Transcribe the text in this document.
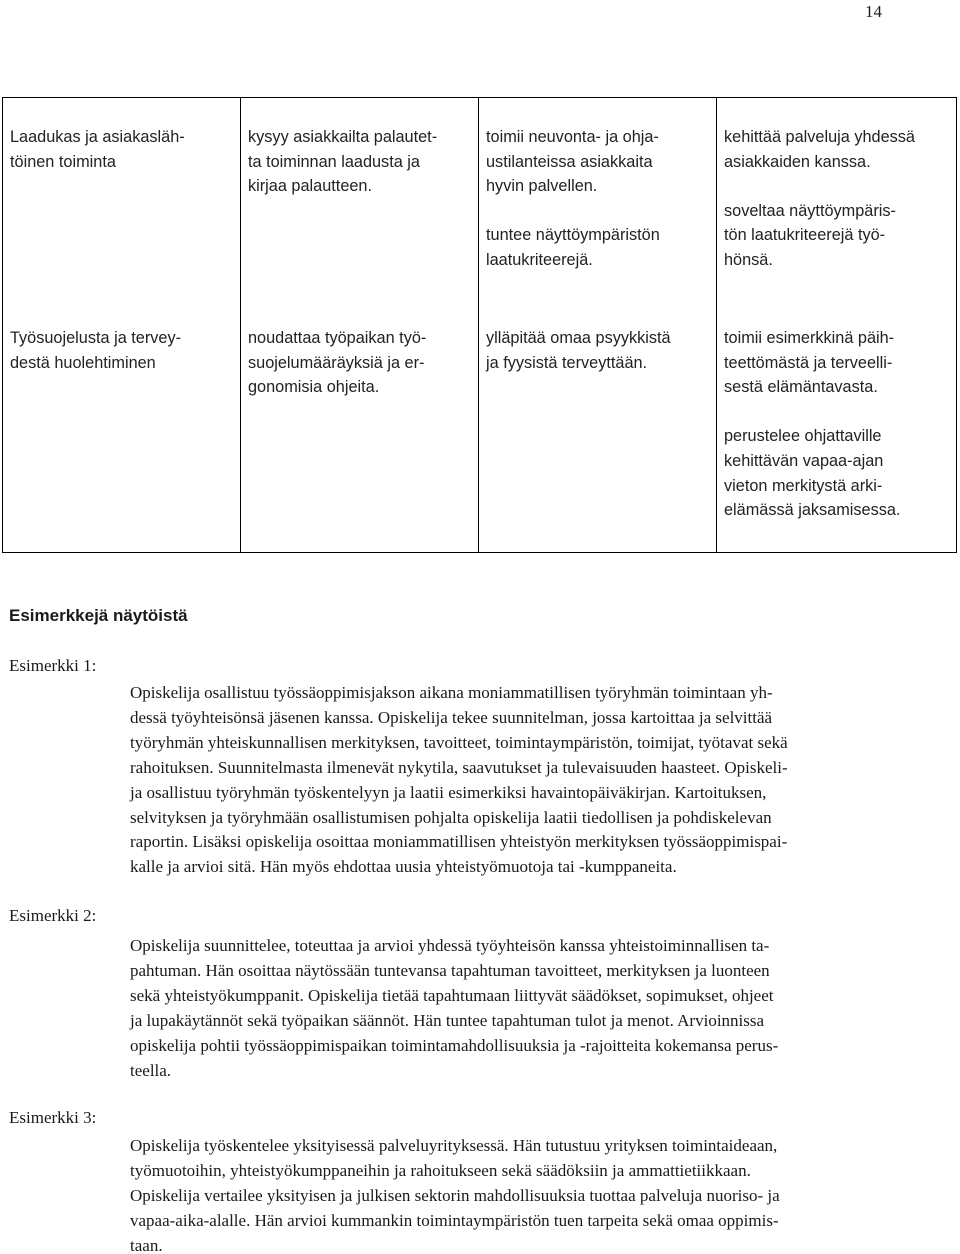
14
Laadukas ja asiakasläh-
töinen toiminta
kysyy asiakkailta palautet-
ta toiminnan laadusta ja
kirjaa palautteen.
toimii neuvonta- ja ohja-
ustilanteissa asiakkaita
hyvin palvellen.

tuntee näyttöympäristön
laatukriteerejä.
kehittää palveluja yhdessä
asiakkaiden kanssa.

soveltaa näyttöympäris-
tön laatukriteerejä työ-
hönsä.
Työsuojelusta ja tervey-
destä huolehtiminen
noudattaa työpaikan työ-
suojelumääräyksiä ja er-
gonomisia ohjeita.
ylläpitää omaa psyykkistä
ja fyysistä terveyttään.
toimii esimerkkinä päih-
teettömästä ja terveelli-
sestä elämäntavasta.

perustelee ohjattaville
kehittävän vapaa-ajan
vieton merkitystä arki-
elämässä jaksamisessa.
Esimerkkejä näytöistä
Esimerkki 1:
Opiskelija osallistuu työssäoppimisjakson aikana moniammatillisen työryhmän toimintaan yh-
dessä työyhteisönsä jäsenen kanssa. Opiskelija tekee suunnitelman, jossa kartoittaa ja selvittää
työryhmän yhteiskunnallisen merkityksen, tavoitteet, toimintaympäristön, toimijat, työtavat sekä
rahoituksen. Suunnitelmasta ilmenevät nykytila, saavutukset ja tulevaisuuden haasteet. Opiskeli-
ja osallistuu työryhmän työskentelyyn ja laatii esimerkiksi havaintopäiväkirjan. Kartoituksen,
selvityksen ja työryhmään osallistumisen pohjalta opiskelija laatii tiedollisen ja pohdiskelevan
raportin. Lisäksi opiskelija osoittaa moniammatillisen yhteistyön merkityksen työssäoppimispai-
kalle ja arvioi sitä. Hän myös ehdottaa uusia yhteistyömuotoja tai -kumppaneita.
Esimerkki 2:
Opiskelija suunnittelee, toteuttaa ja arvioi yhdessä työyhteisön kanssa yhteistoiminnallisen ta-
pahtuman. Hän osoittaa näytössään tuntevansa tapahtuman tavoitteet, merkityksen ja luonteen
sekä yhteistyökumppanit. Opiskelija tietää tapahtumaan liittyvät säädökset, sopimukset, ohjeet
ja lupakäytännöt sekä työpaikan säännöt. Hän tuntee tapahtuman tulot ja menot. Arvioinnissa
opiskelija pohtii työssäoppimispaikan toimintamahdollisuuksia ja -rajoitteita kokemansa perus-
teella.
Esimerkki 3:
Opiskelija työskentelee yksityisessä palveluyrityksessä. Hän tutustuu yrityksen toimintaideaan,
työmuotoihin, yhteistyökumppaneihin ja rahoitukseen sekä säädöksiin ja ammattietiikkaan.
Opiskelija vertailee yksityisen ja julkisen sektorin mahdollisuuksia tuottaa palveluja nuoriso- ja
vapaa-aika-alalle. Hän arvioi kummankin toimintaympäristön tuen tarpeita sekä omaa oppimis-
taan.
